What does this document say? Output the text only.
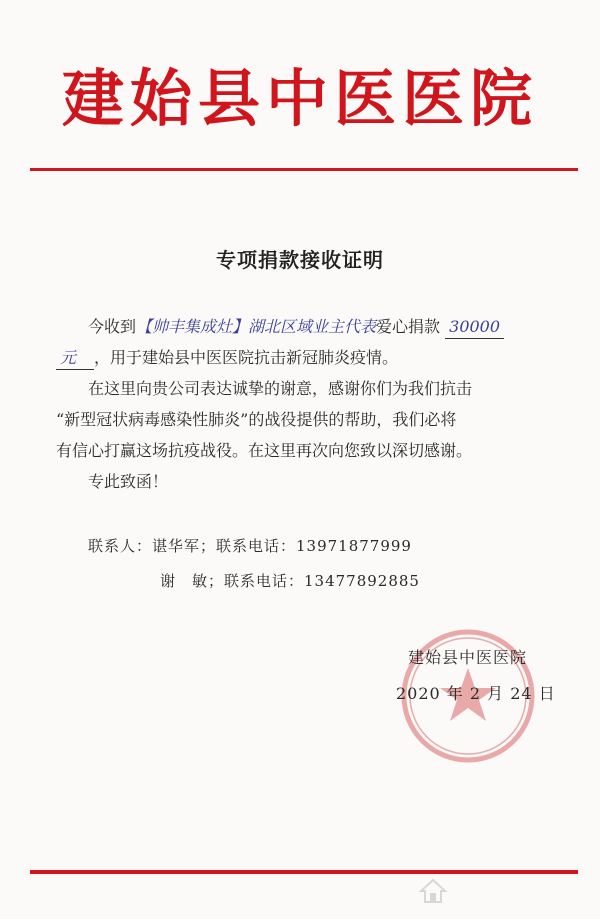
建始县中医医院
专项捐款接收证明
今收到【帅丰集成灶】湖北区域业主代表爱心捐款 30000
元 ，用于建始县中医医院抗击新冠肺炎疫情。
在这里向贵公司表达诚挚的谢意，感谢你们为我们抗击
“新型冠状病毒感染性肺炎”的战役提供的帮助，我们必将
有信心打赢这场抗疫战役。在这里再次向您致以深切感谢。
专此致函！
联系人：谌华军；联系电话：13971877999
谢　敏；联系电话：13477892885
建始县中医医院
2020 年 2 月 24 日
